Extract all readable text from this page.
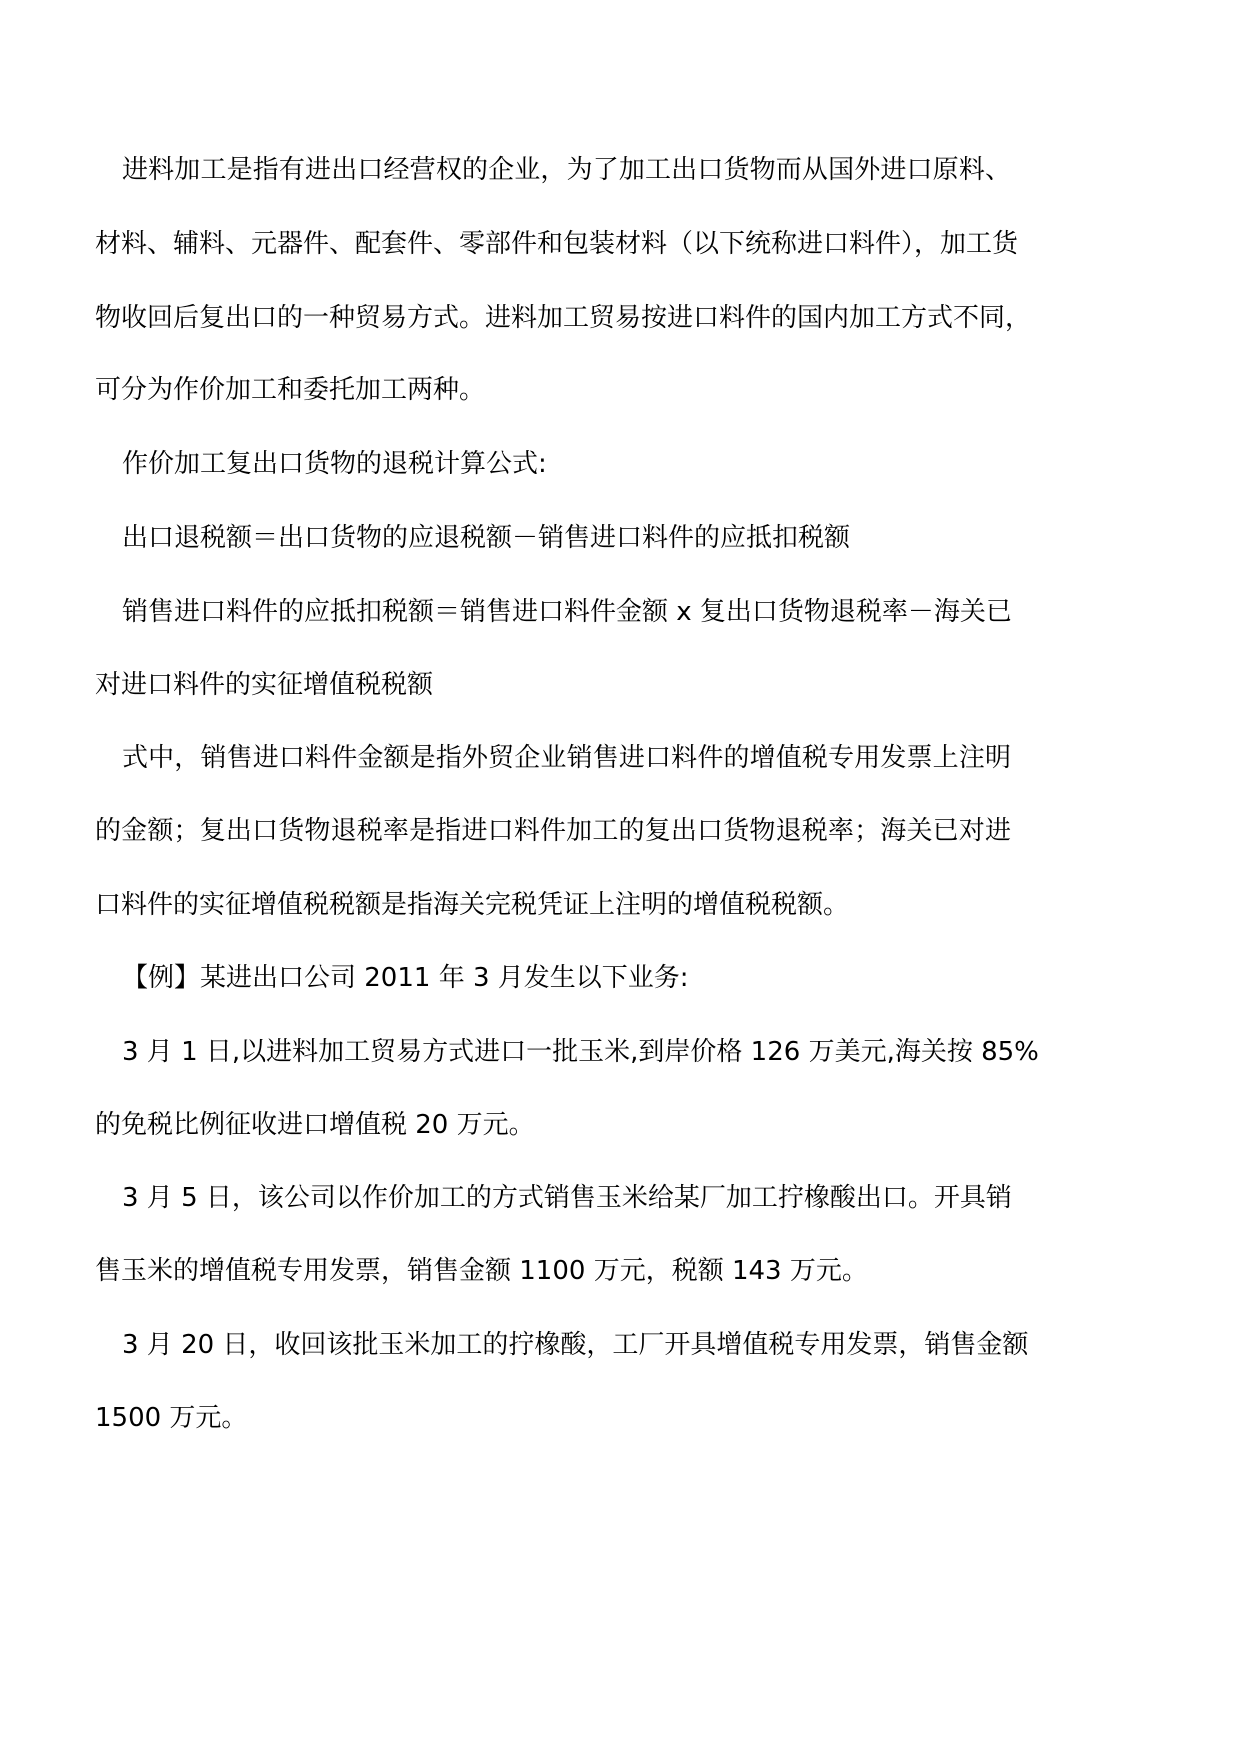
进料加工是指有进出口经营权的企业，为了加工出口货物而从国外进口原料、
材料、辅料、元器件、配套件、零部件和包装材料（以下统称进口料件），加工货
物收回后复出口的一种贸易方式。进料加工贸易按进口料件的国内加工方式不同，
可分为作价加工和委托加工两种。
作价加工复出口货物的退税计算公式:
出口退税额＝出口货物的应退税额－销售进口料件的应抵扣税额
销售进口料件的应抵扣税额＝销售进口料件金额 x 复出口货物退税率－海关已
对进口料件的实征增值税税额
式中，销售进口料件金额是指外贸企业销售进口料件的增值税专用发票上注明
的金额；复出口货物退税率是指进口料件加工的复出口货物退税率；海关已对进
口料件的实征增值税税额是指海关完税凭证上注明的增值税税额。
【例】某进出口公司 2011 年 3 月发生以下业务:
3 月 1 日,以进料加工贸易方式进口一批玉米,到岸价格 126 万美元,海关按 85%
的免税比例征收进口增值税 20 万元。
3 月 5 日，该公司以作价加工的方式销售玉米给某厂加工拧橡酸出口。开具销
售玉米的增值税专用发票，销售金额 1100 万元，税额 143 万元。
3 月 20 日，收回该批玉米加工的拧橡酸，工厂开具增值税专用发票，销售金额
1500 万元。
